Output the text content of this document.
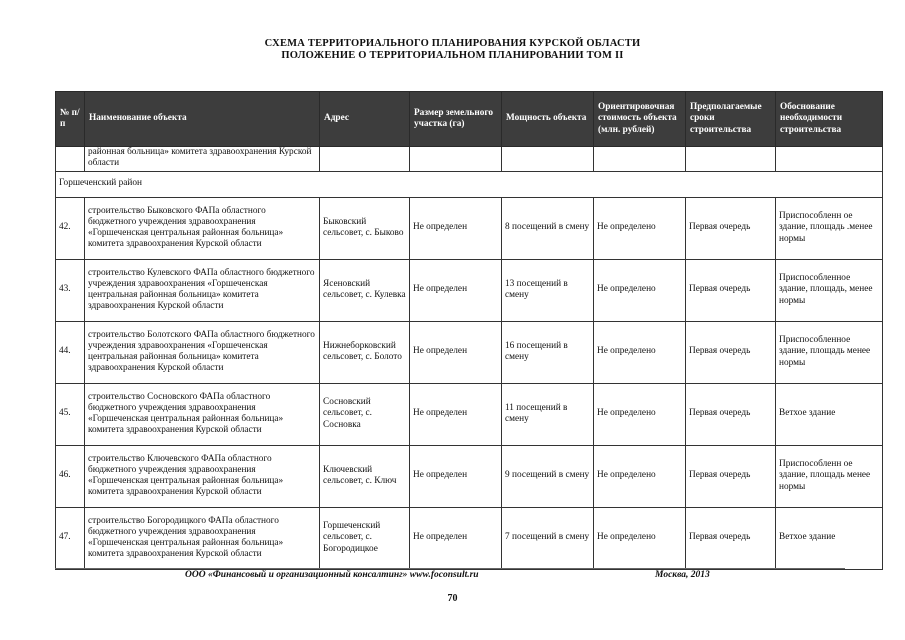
СХЕМА ТЕРРИТОРИАЛЬНОГО ПЛАНИРОВАНИЯ КУРСКОЙ ОБЛАСТИ
ПОЛОЖЕНИЕ О ТЕРРИТОРИАЛЬНОМ ПЛАНИРОВАНИИ ТОМ II
№ п/п	Наименование объекта	Адрес	Размер земельного участка (га)	Мощность объекта	Ориентировочная стоимость объекта (млн. рублей)	Предполагаемые сроки строительства	Обоснование необходимости строительства
	районная больница» комитета здравоохранения Курской области						
Горшеченский район							
42.	строительство Быковского ФАПа областного бюджетного учреждения здравоохранения «Горшеченская центральная районная больница» комитета здравоохранения Курской области	Быковский сельсовет, с. Быково	Не определен	8 посещений в смену	Не определено	Первая очередь	Приспособленн ое здание, площадь .менее нормы
43.	строительство Кулевского ФАПа областного бюджетного учреждения здравоохранения «Горшеченская центральная районная больница» комитета здравоохранения Курской области	Ясеновский сельсовет, с. Кулевка	Не определен	13 посещений в смену	Не определено	Первая очередь	Приспособленное здание, площадь, менее нормы
44.	строительство Болотского ФАПа областного бюджетного учреждения здравоохранения «Горшеченская центральная районная больница» комитета здравоохранения Курской области	Нижнеборковский сельсовет, с. Болото	Не определен	16 посещений в смену	Не определено	Первая очередь	Приспособленное здание, площадь менее нормы
45.	строительство Сосновского ФАПа областного бюджетного учреждения здравоохранения «Горшеченская центральная районная больница» комитета здравоохранения Курской области	Сосновский сельсовет, с. Сосновка	Не определен	11 посещений в смену	Не определено	Первая очередь	Ветхое здание
46.	строительство Ключевского ФАПа областного бюджетного учреждения здравоохранения «Горшеченская центральная районная больница» комитета здравоохранения Курской области	Ключевский сельсовет, с. Ключ	Не определен	9 посещений в смену	Не определено	Первая очередь	Приспособленн ое здание, площадь менее нормы
47.	строительство Богородицкого ФАПа областного бюджетного учреждения здравоохранения «Горшеченская центральная районная больница» комитета здравоохранения Курской области	Горшеченский сельсовет, с. Богородицкое	Не определен	7 посещений в смену	Не определено	Первая очередь	Ветхое здание
ООО «Финансовый и организационный консалтинг» www.foconsult.ru	Москва, 2013
70
